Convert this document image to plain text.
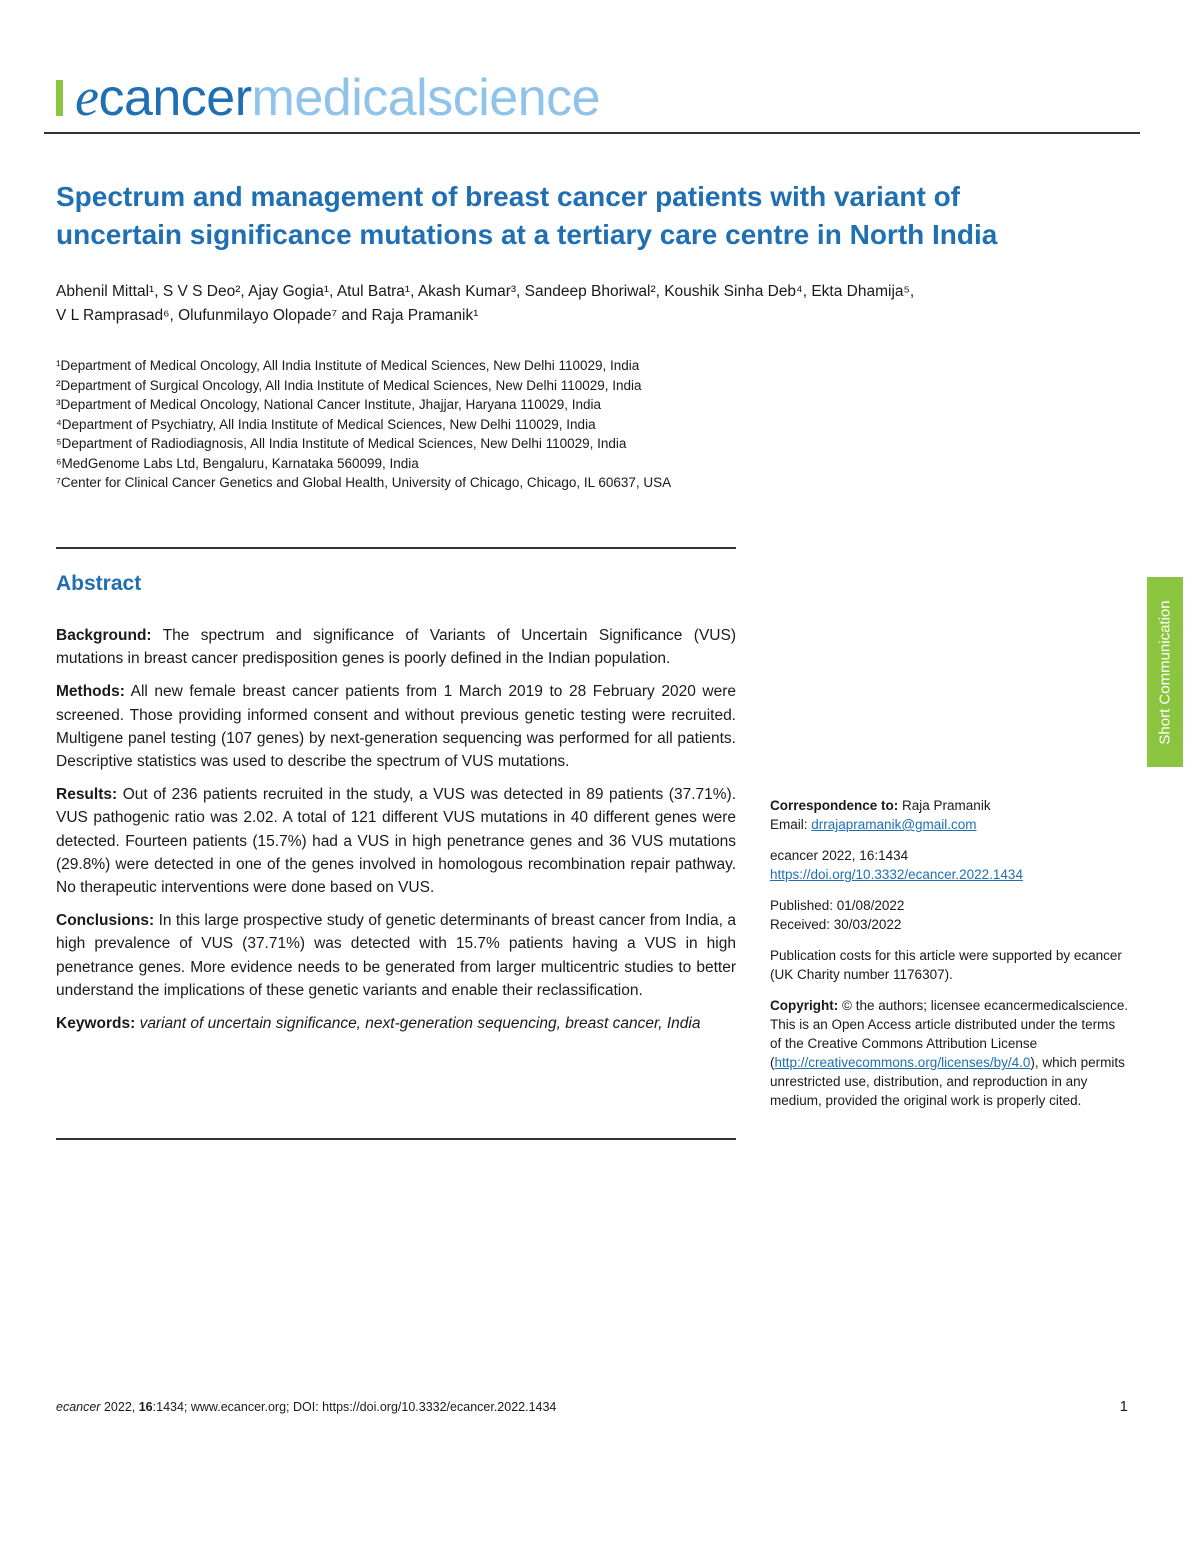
ecancermedicalscience
Spectrum and management of breast cancer patients with variant of uncertain significance mutations at a tertiary care centre in North India
Abhenil Mittal¹, S V S Deo², Ajay Gogia¹, Atul Batra¹, Akash Kumar³, Sandeep Bhoriwal², Koushik Sinha Deb⁴, Ekta Dhamija⁵,
V L Ramprasad⁶, Olufunmilayo Olopade⁷ and Raja Pramanik¹
¹Department of Medical Oncology, All India Institute of Medical Sciences, New Delhi 110029, India
²Department of Surgical Oncology, All India Institute of Medical Sciences, New Delhi 110029, India
³Department of Medical Oncology, National Cancer Institute, Jhajjar, Haryana 110029, India
⁴Department of Psychiatry, All India Institute of Medical Sciences, New Delhi 110029, India
⁵Department of Radiodiagnosis, All India Institute of Medical Sciences, New Delhi 110029, India
⁶MedGenome Labs Ltd, Bengaluru, Karnataka 560099, India
⁷Center for Clinical Cancer Genetics and Global Health, University of Chicago, Chicago, IL 60637, USA
Abstract

Background: The spectrum and significance of Variants of Uncertain Significance (VUS) mutations in breast cancer predisposition genes is poorly defined in the Indian population.

Methods: All new female breast cancer patients from 1 March 2019 to 28 February 2020 were screened. Those providing informed consent and without previous genetic testing were recruited. Multigene panel testing (107 genes) by next-generation sequencing was performed for all patients. Descriptive statistics was used to describe the spectrum of VUS mutations.

Results: Out of 236 patients recruited in the study, a VUS was detected in 89 patients (37.71%). VUS pathogenic ratio was 2.02. A total of 121 different VUS mutations in 40 different genes were detected. Fourteen patients (15.7%) had a VUS in high penetrance genes and 36 VUS mutations (29.8%) were detected in one of the genes involved in homologous recombination repair pathway. No therapeutic interventions were done based on VUS.

Conclusions: In this large prospective study of genetic determinants of breast cancer from India, a high prevalence of VUS (37.71%) was detected with 15.7% patients having a VUS in high penetrance genes. More evidence needs to be generated from larger multicentric studies to better understand the implications of these genetic variants and enable their reclassification.

Keywords: variant of uncertain significance, next-generation sequencing, breast cancer, India

Short Communication
Correspondence to: Raja Pramanik
Email: drrajapramanik@gmail.com
ecancer 2022, 16:1434
https://doi.org/10.3332/ecancer.2022.1434
Published: 01/08/2022
Received: 30/03/2022
Publication costs for this article were supported by ecancer (UK Charity number 1176307).
Copyright: © the authors; licensee ecancermedicalscience. This is an Open Access article distributed under the terms of the Creative Commons Attribution License (http://creativecommons.org/licenses/by/4.0), which permits unrestricted use, distribution, and reproduction in any medium, provided the original work is properly cited.
ecancer 2022, 16:1434; www.ecancer.org; DOI: https://doi.org/10.3332/ecancer.2022.1434	1
